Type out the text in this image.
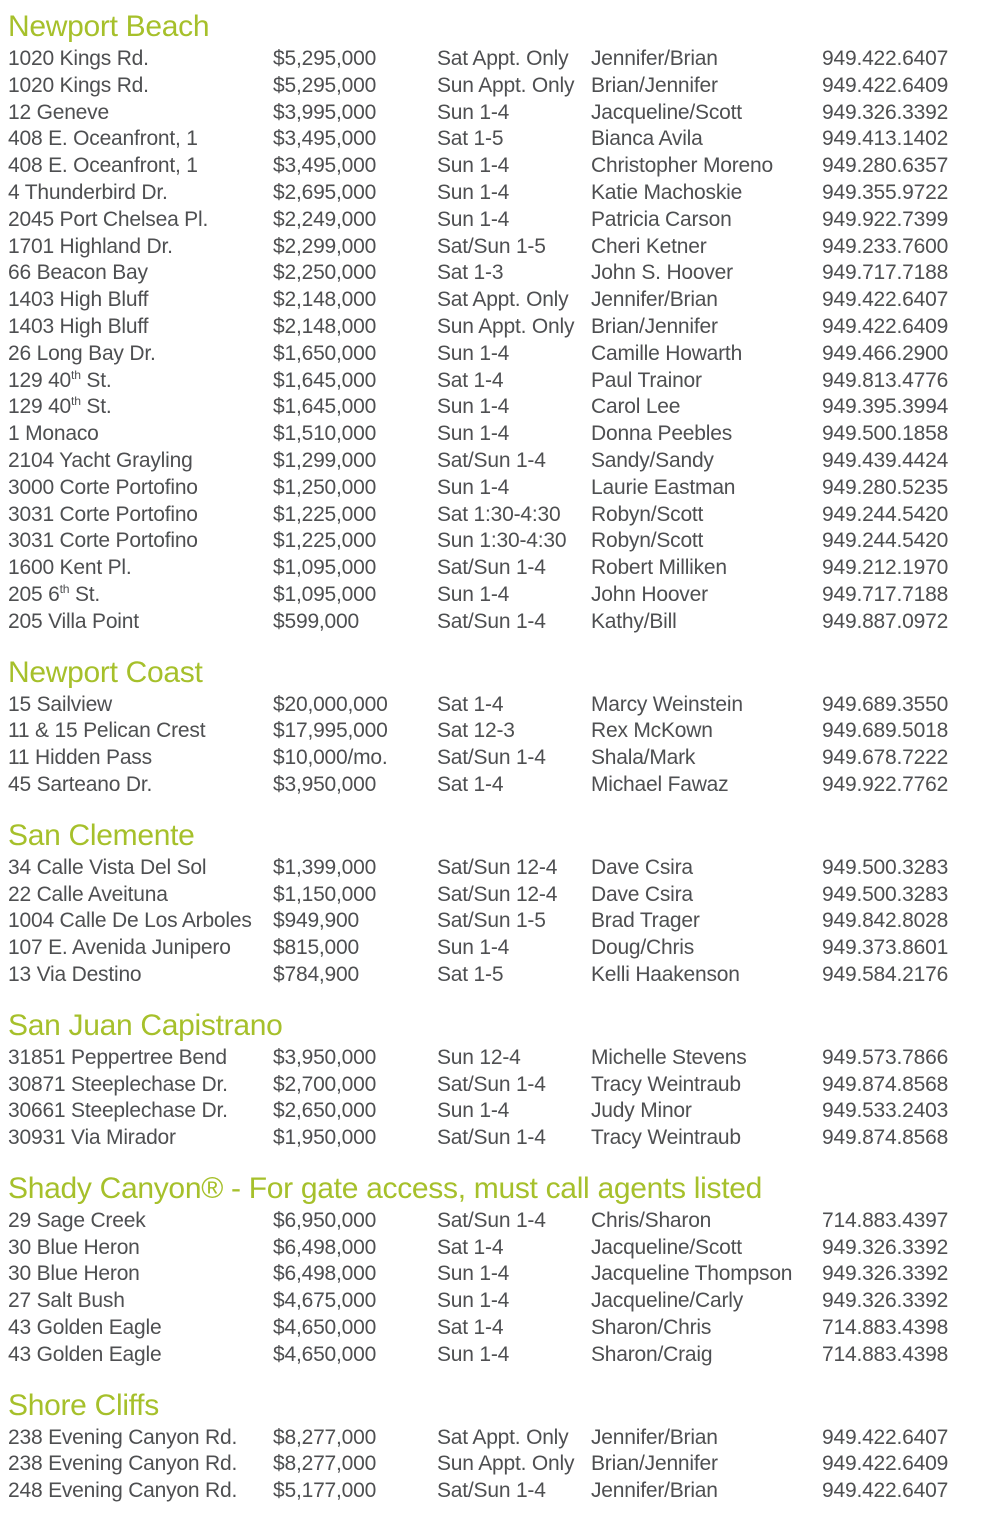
Newport Beach
1020 Kings Rd.	$5,295,000	Sat Appt. Only	Jennifer/Brian	949.422.6407
1020 Kings Rd.	$5,295,000	Sun Appt. Only Brian/Jennifer	949.422.6409
12 Geneve	$3,995,000	Sun 1-4	Jacqueline/Scott	949.326.3392
408 E. Oceanfront, 1	$3,495,000	Sat 1-5	Bianca Avila	949.413.1402
408 E. Oceanfront, 1	$3,495,000	Sun 1-4	Christopher Moreno	949.280.6357
4 Thunderbird Dr.	$2,695,000	Sun 1-4	Katie Machoskie	949.355.9722
2045 Port Chelsea Pl.	$2,249,000	Sun 1-4	Patricia Carson	949.922.7399
1701 Highland Dr.	$2,299,000	Sat/Sun 1-5	Cheri Ketner	949.233.7600
66 Beacon Bay	$2,250,000	Sat 1-3	John S. Hoover	949.717.7188
1403 High Bluff	$2,148,000	Sat Appt. Only	Jennifer/Brian	949.422.6407
1403 High Bluff	$2,148,000	Sun Appt. Only Brian/Jennifer	949.422.6409
26 Long Bay Dr.	$1,650,000	Sun 1-4	Camille Howarth	949.466.2900
129 40th St.	$1,645,000	Sat 1-4	Paul Trainor	949.813.4776
129 40th St.	$1,645,000	Sun 1-4	Carol Lee	949.395.3994
1 Monaco	$1,510,000	Sun 1-4	Donna Peebles	949.500.1858
2104 Yacht Grayling	$1,299,000	Sat/Sun 1-4	Sandy/Sandy	949.439.4424
3000 Corte Portofino	$1,250,000	Sun 1-4	Laurie Eastman	949.280.5235
3031 Corte Portofino	$1,225,000	Sat 1:30-4:30	Robyn/Scott	949.244.5420
3031 Corte Portofino	$1,225,000	Sun 1:30-4:30	Robyn/Scott	949.244.5420
1600 Kent Pl.	$1,095,000	Sat/Sun 1-4	Robert Milliken	949.212.1970
205 6th St.	$1,095,000	Sun 1-4	John Hoover	949.717.7188
205 Villa Point	$599,000	Sat/Sun 1-4	Kathy/Bill	949.887.0972
Newport Coast
15 Sailview	$20,000,000	Sat 1-4	Marcy Weinstein	949.689.3550
11 & 15 Pelican Crest	$17,995,000	Sat 12-3	Rex McKown	949.689.5018
11 Hidden Pass	$10,000/mo.	Sat/Sun 1-4	Shala/Mark	949.678.7222
45 Sarteano Dr.	$3,950,000	Sat 1-4	Michael Fawaz	949.922.7762
San Clemente
34 Calle Vista Del Sol	$1,399,000	Sat/Sun 12-4	Dave Csira	949.500.3283
22 Calle Aveituna	$1,150,000	Sat/Sun 12-4	Dave Csira	949.500.3283
1004 Calle De Los Arboles	$949,900	Sat/Sun 1-5	Brad Trager	949.842.8028
107 E. Avenida Junipero	$815,000	Sun 1-4	Doug/Chris	949.373.8601
13 Via Destino	$784,900	Sat 1-5	Kelli Haakenson	949.584.2176
San Juan Capistrano
31851 Peppertree Bend	$3,950,000	Sun 12-4	Michelle Stevens	949.573.7866
30871 Steeplechase Dr.	$2,700,000	Sat/Sun 1-4	Tracy Weintraub	949.874.8568
30661 Steeplechase Dr.	$2,650,000	Sun 1-4	Judy Minor	949.533.2403
30931 Via Mirador	$1,950,000	Sat/Sun 1-4	Tracy Weintraub	949.874.8568
Shady Canyon® - For gate access, must call agents listed
29 Sage Creek	$6,950,000	Sat/Sun 1-4	Chris/Sharon	714.883.4397
30 Blue Heron	$6,498,000	Sat 1-4	Jacqueline/Scott	949.326.3392
30 Blue Heron	$6,498,000	Sun 1-4	Jacqueline Thompson	949.326.3392
27 Salt Bush	$4,675,000	Sun 1-4	Jacqueline/Carly	949.326.3392
43 Golden Eagle	$4,650,000	Sat 1-4	Sharon/Chris	714.883.4398
43 Golden Eagle	$4,650,000	Sun 1-4	Sharon/Craig	714.883.4398
Shore Cliffs
238 Evening Canyon Rd.	$8,277,000	Sat Appt. Only	Jennifer/Brian	949.422.6407
238 Evening Canyon Rd.	$8,277,000	Sun Appt. Only Brian/Jennifer	949.422.6409
248 Evening Canyon Rd.	$5,177,000	Sat/Sun 1-4	Jennifer/Brian	949.422.6407
